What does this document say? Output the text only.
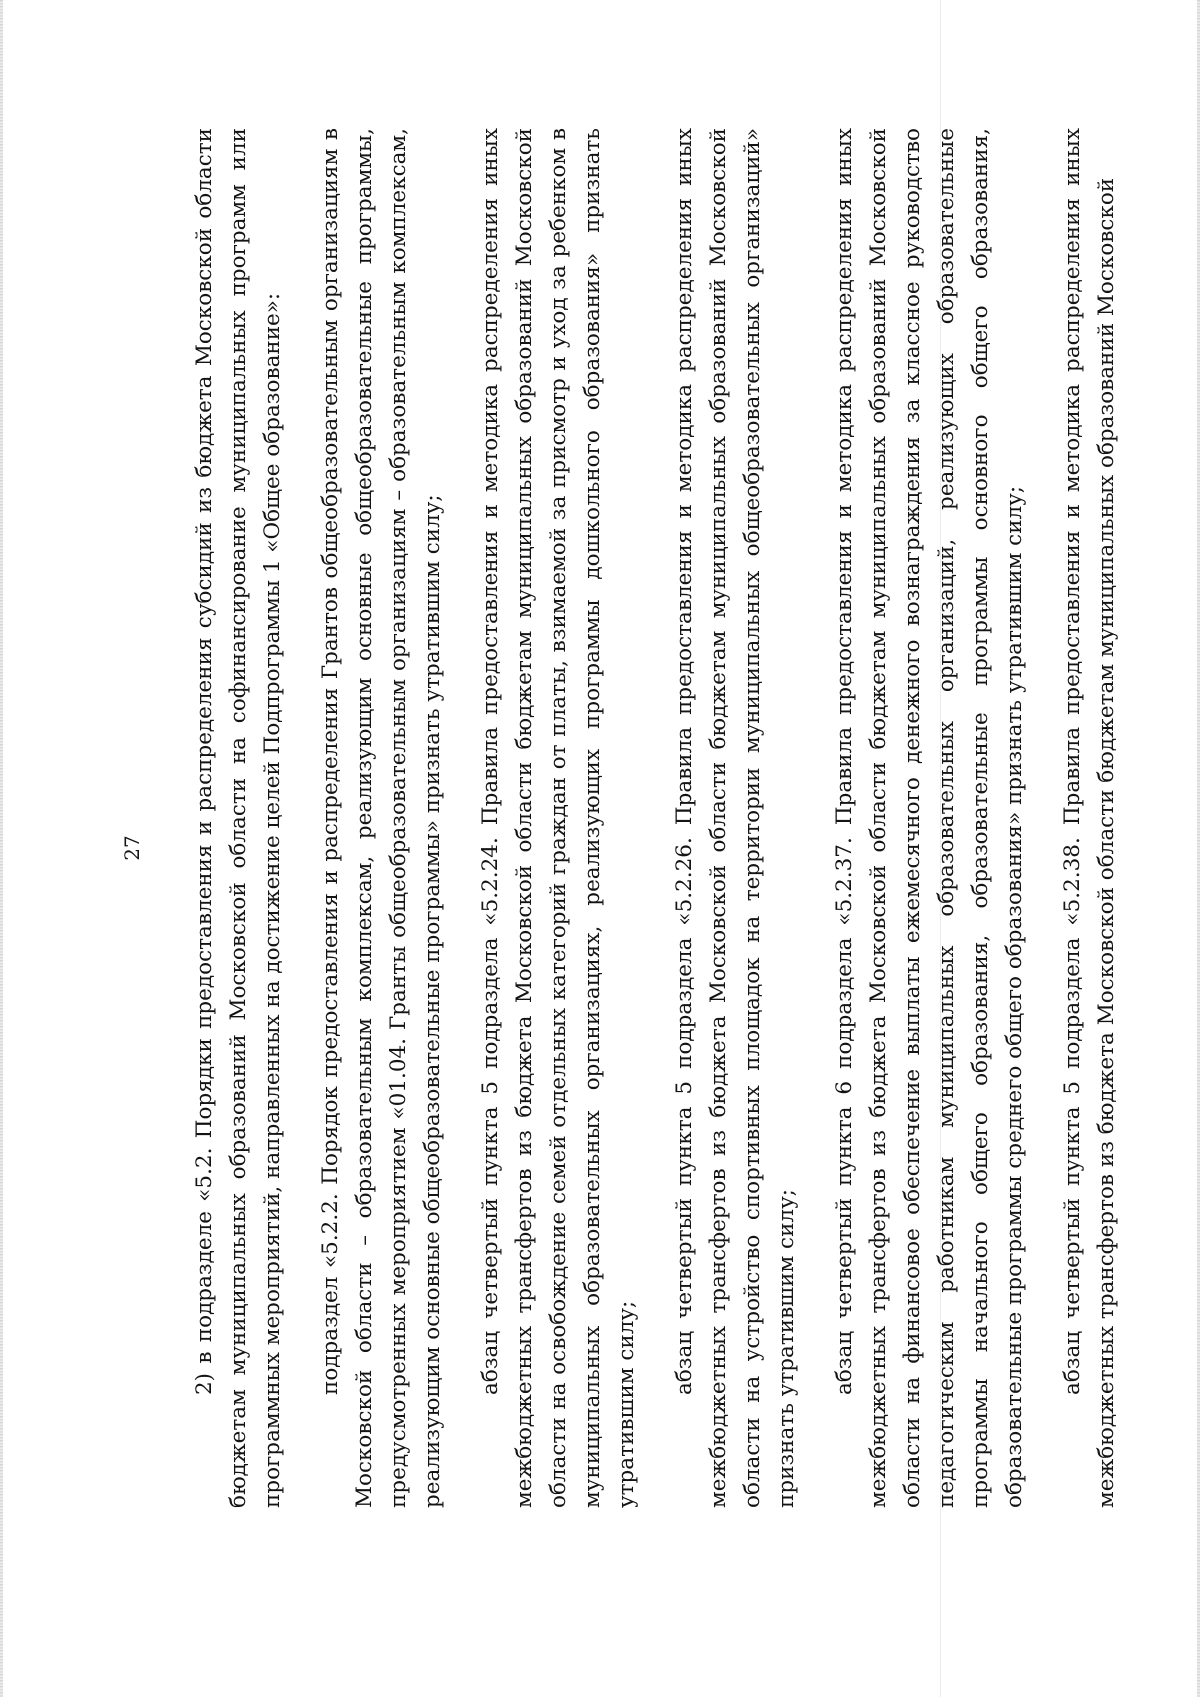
27 2) в подразделе «5.2. Порядки предоставления и распределения субсидий из бюджета Московской области бюджетам муниципальных образований Московской области на софинансирование муниципальных программ или программных мероприятий, направленных на достижение целей Подпрограммы 1 «Общее образование»: подраздел «5.2.2. Порядок предоставления и распределения Грантов общеобразовательным организациям в Московской области – образовательным комплексам, реализующим основные общеобразовательные программы, предусмотренных мероприятием «01.04. Гранты общеобразовательным организациям – образовательным комплексам, реализующим основные общеобразовательные программы» признать утратившим силу; абзац четвертый пункта 5 подраздела «5.2.24. Правила предоставления и методика распределения иных межбюджетных трансфертов из бюджета Московской области бюджетам муниципальных образований Московской области на освобождение семей отдельных категорий граждан от платы, взимаемой за присмотр и уход за ребенком в муниципальных образовательных организациях, реализующих программы дошкольного образования» признать утратившим силу;

абзац четвертый пункта 5 подраздела «5.2.26. Правила предоставления и методика распределения иных межбюджетных трансфертов из бюджета Московской области бюджетам муниципальных образований Московской области на устройство спортивных площадок на территории муниципальных общеобразовательных организаций» признать утратившим силу; абзац четвертый пункта 6 подраздела «5.2.37. Правила предоставления и методика распределения иных межбюджетных трансфертов из бюджета Московской области бюджетам муниципальных образований Московской области на финансовое обеспечение выплаты ежемесячного денежного вознаграждения за классное руководство педагогическим работникам муниципальных образовательных организаций, реализующих образовательные программы начального общего образования, образовательные программы основного общего образования, образовательные программы среднего общего образования» признать утратившим силу; абзац четвертый пункта 5 подраздела «5.2.38. Правила предоставления и методика распределения иных межбюджетных трансфертов из бюджета Московской области бюджетам муниципальных образований Московской
